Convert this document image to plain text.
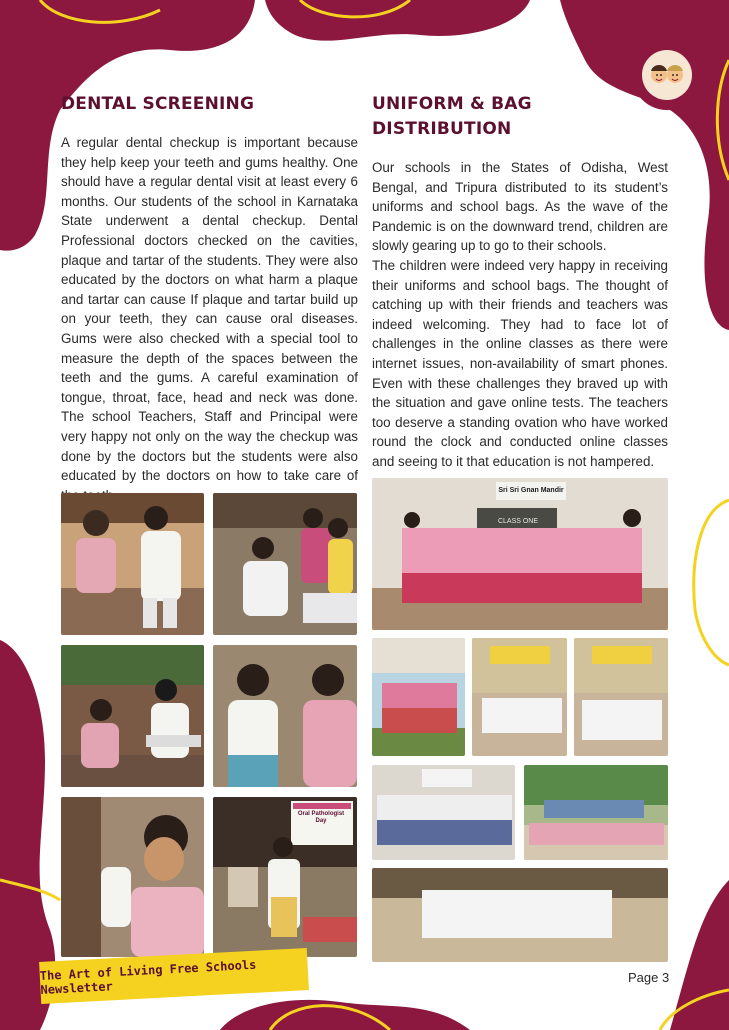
DENTAL SCREENING

A regular dental checkup is important because they help keep your teeth and gums healthy. One should have a regular dental visit at least every 6 months. Our students of the school in Karnataka State underwent a dental checkup. Dental Professional doctors checked on the cavities, plaque and tartar of the students. They were also educated by the doctors on what harm a plaque and tartar can cause If plaque and tartar build up on your teeth, they can cause oral diseases. Gums were also checked with a special tool to measure the depth of the spaces between the teeth and the gums. A careful examination of tongue, throat, face, head and neck was done. The school Teachers, Staff and Principal were very happy not only on the way the checkup was done by the doctors but the students were also educated by the doctors on how to take care of

UNIFORM & BAG DISTRIBUTION

Our schools in the States of Odisha, West Bengal, and Tripura distributed to its student’s uniforms and school bags. As the wave of the Pandemic is on the downward trend, children are slowly gearing up to go to their schools.

The children were indeed very happy in receiving their uniforms and school bags. The thought of catching up with their friends and teachers was indeed welcoming. They had to face lot of challenges in the online classes as there were internet issues, non-availability of smart phones. Even with these challenges they braved up with the situation and gave online tests. The teachers too deserve a standing ovation who have worked round the clock and conducted online classes and seeing to it that education is not hampered.

Oral Pathologist Day
Sri Sri Gnan Mandir
CLASS ONE
The Art of Living Free Schools Newsletter
Page 3
